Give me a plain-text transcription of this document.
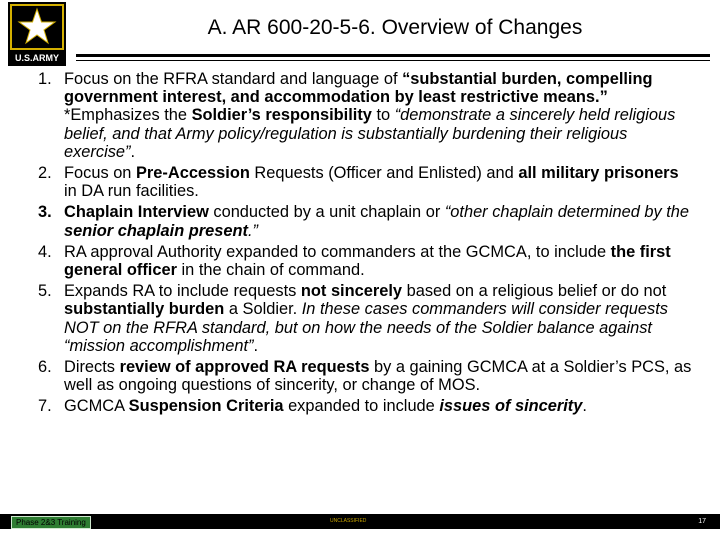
U.S.ARMY
A. AR 600-20-5-6. Overview of Changes
1. Focus on the RFRA standard and language of “substantial burden, compelling government interest, and accommodation by least restrictive means.” *Emphasizes the Soldier’s responsibility to “demonstrate a sincerely held religious belief, and that Army policy/regulation is substantially burdening their religious exercise”.
2. Focus on Pre-Accession Requests (Officer and Enlisted) and all military prisoners in DA run facilities.
3. Chaplain Interview conducted by a unit chaplain or “other chaplain determined by the senior chaplain present.”
4. RA approval Authority expanded to commanders at the GCMCA, to include the first general officer in the chain of command.
5. Expands RA to include requests not sincerely based on a religious belief or do not substantially burden a Soldier. In these cases commanders will consider requests NOT on the RFRA standard, but on how the needs of the Soldier balance against “mission accomplishment”.
6. Directs review of approved RA requests by a gaining GCMCA at a Soldier’s PCS, as well as ongoing questions of sincerity, or change of MOS.
7. GCMCA Suspension Criteria expanded to include issues of sincerity.
Phase 2&3 Training	UNCLASSIFIED	17
